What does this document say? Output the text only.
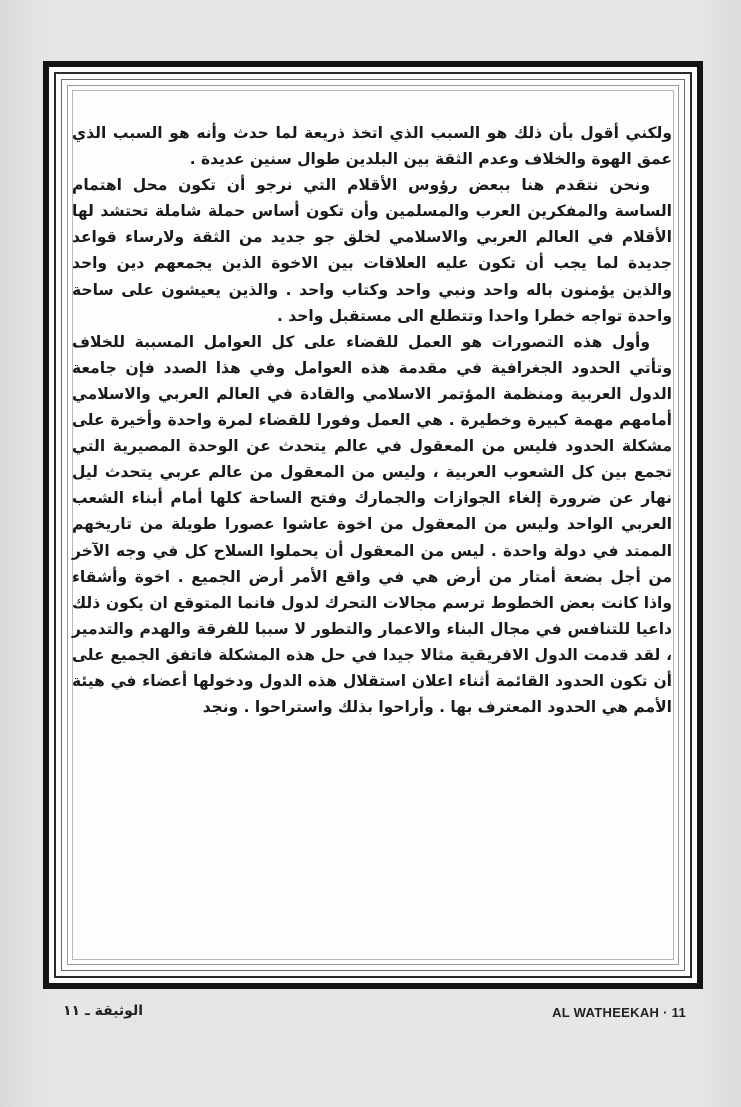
ولكني أقول بأن ذلك هو السبب الذي اتخذ ذريعة لما حدث وأنه هو السبب الذي عمق الهوة والخلاف وعدم الثقة بين البلدين طوال سنين عديدة .

ونحن نتقدم هنا ببعض رؤوس الأقلام التي نرجو أن تكون محل اهتمام الساسة والمفكرين العرب والمسلمين وأن تكون أساس حملة شاملة تحتشد لها الأقلام في العالم العربي والاسلامي لخلق جو جديد من الثقة ولارساء قواعد جديدة لما يجب أن تكون عليه العلاقات بين الاخوة الذين يجمعهم دين واحد والذين يؤمنون باله واحد ونبي واحد وكتاب واحد . والذين يعيشون على ساحة واحدة تواجه خطرا واحدا وتتطلع الى مستقبل واحد .

وأول هذه التصورات هو العمل للقضاء على كل العوامل المسببة للخلاف وتأتي الحدود الجغرافية في مقدمة هذه العوامل وفي هذا الصدد فإن جامعة الدول العربية ومنظمة المؤتمر الاسلامي والقادة في العالم العربي والاسلامي أمامهم مهمة كبيرة وخطيرة . هي العمل وفورا للقضاء لمرة واحدة وأخيرة على مشكلة الحدود فليس من المعقول في عالم يتحدث عن الوحدة المصيرية التي تجمع بين كل الشعوب العربية ، وليس من المعقول من عالم عربي يتحدث ليل نهار عن ضرورة إلغاء الجوازات والجمارك وفتح الساحة كلها أمام أبناء الشعب العربي الواحد وليس من المعقول من اخوة عاشوا عصورا طويلة من تاريخهم الممتد في دولة واحدة . ليس من المعقول أن يحملوا السلاح كل في وجه الآخر من أجل بضعة أمتار من أرض هي في واقع الأمر أرض الجميع . اخوة وأشقاء واذا كانت بعض الخطوط ترسم مجالات التحرك لدول فانما المتوقع ان يكون ذلك داعيا للتنافس في مجال البناء والاعمار والتطور لا سببا للفرقة والهدم والتدمير ، لقد قدمت الدول الافريقية مثالا جيدا في حل هذه المشكلة فاتفق الجميع على أن تكون الحدود القائمة أثناء اعلان استقلال هذه الدول ودخولها أعضاء في هيئة الأمم هي الحدود المعترف بها . وأراحوا بذلك واستراحوا . ونجد

الوثيقة ـ ١١	AL WATHEEKAH · 11
